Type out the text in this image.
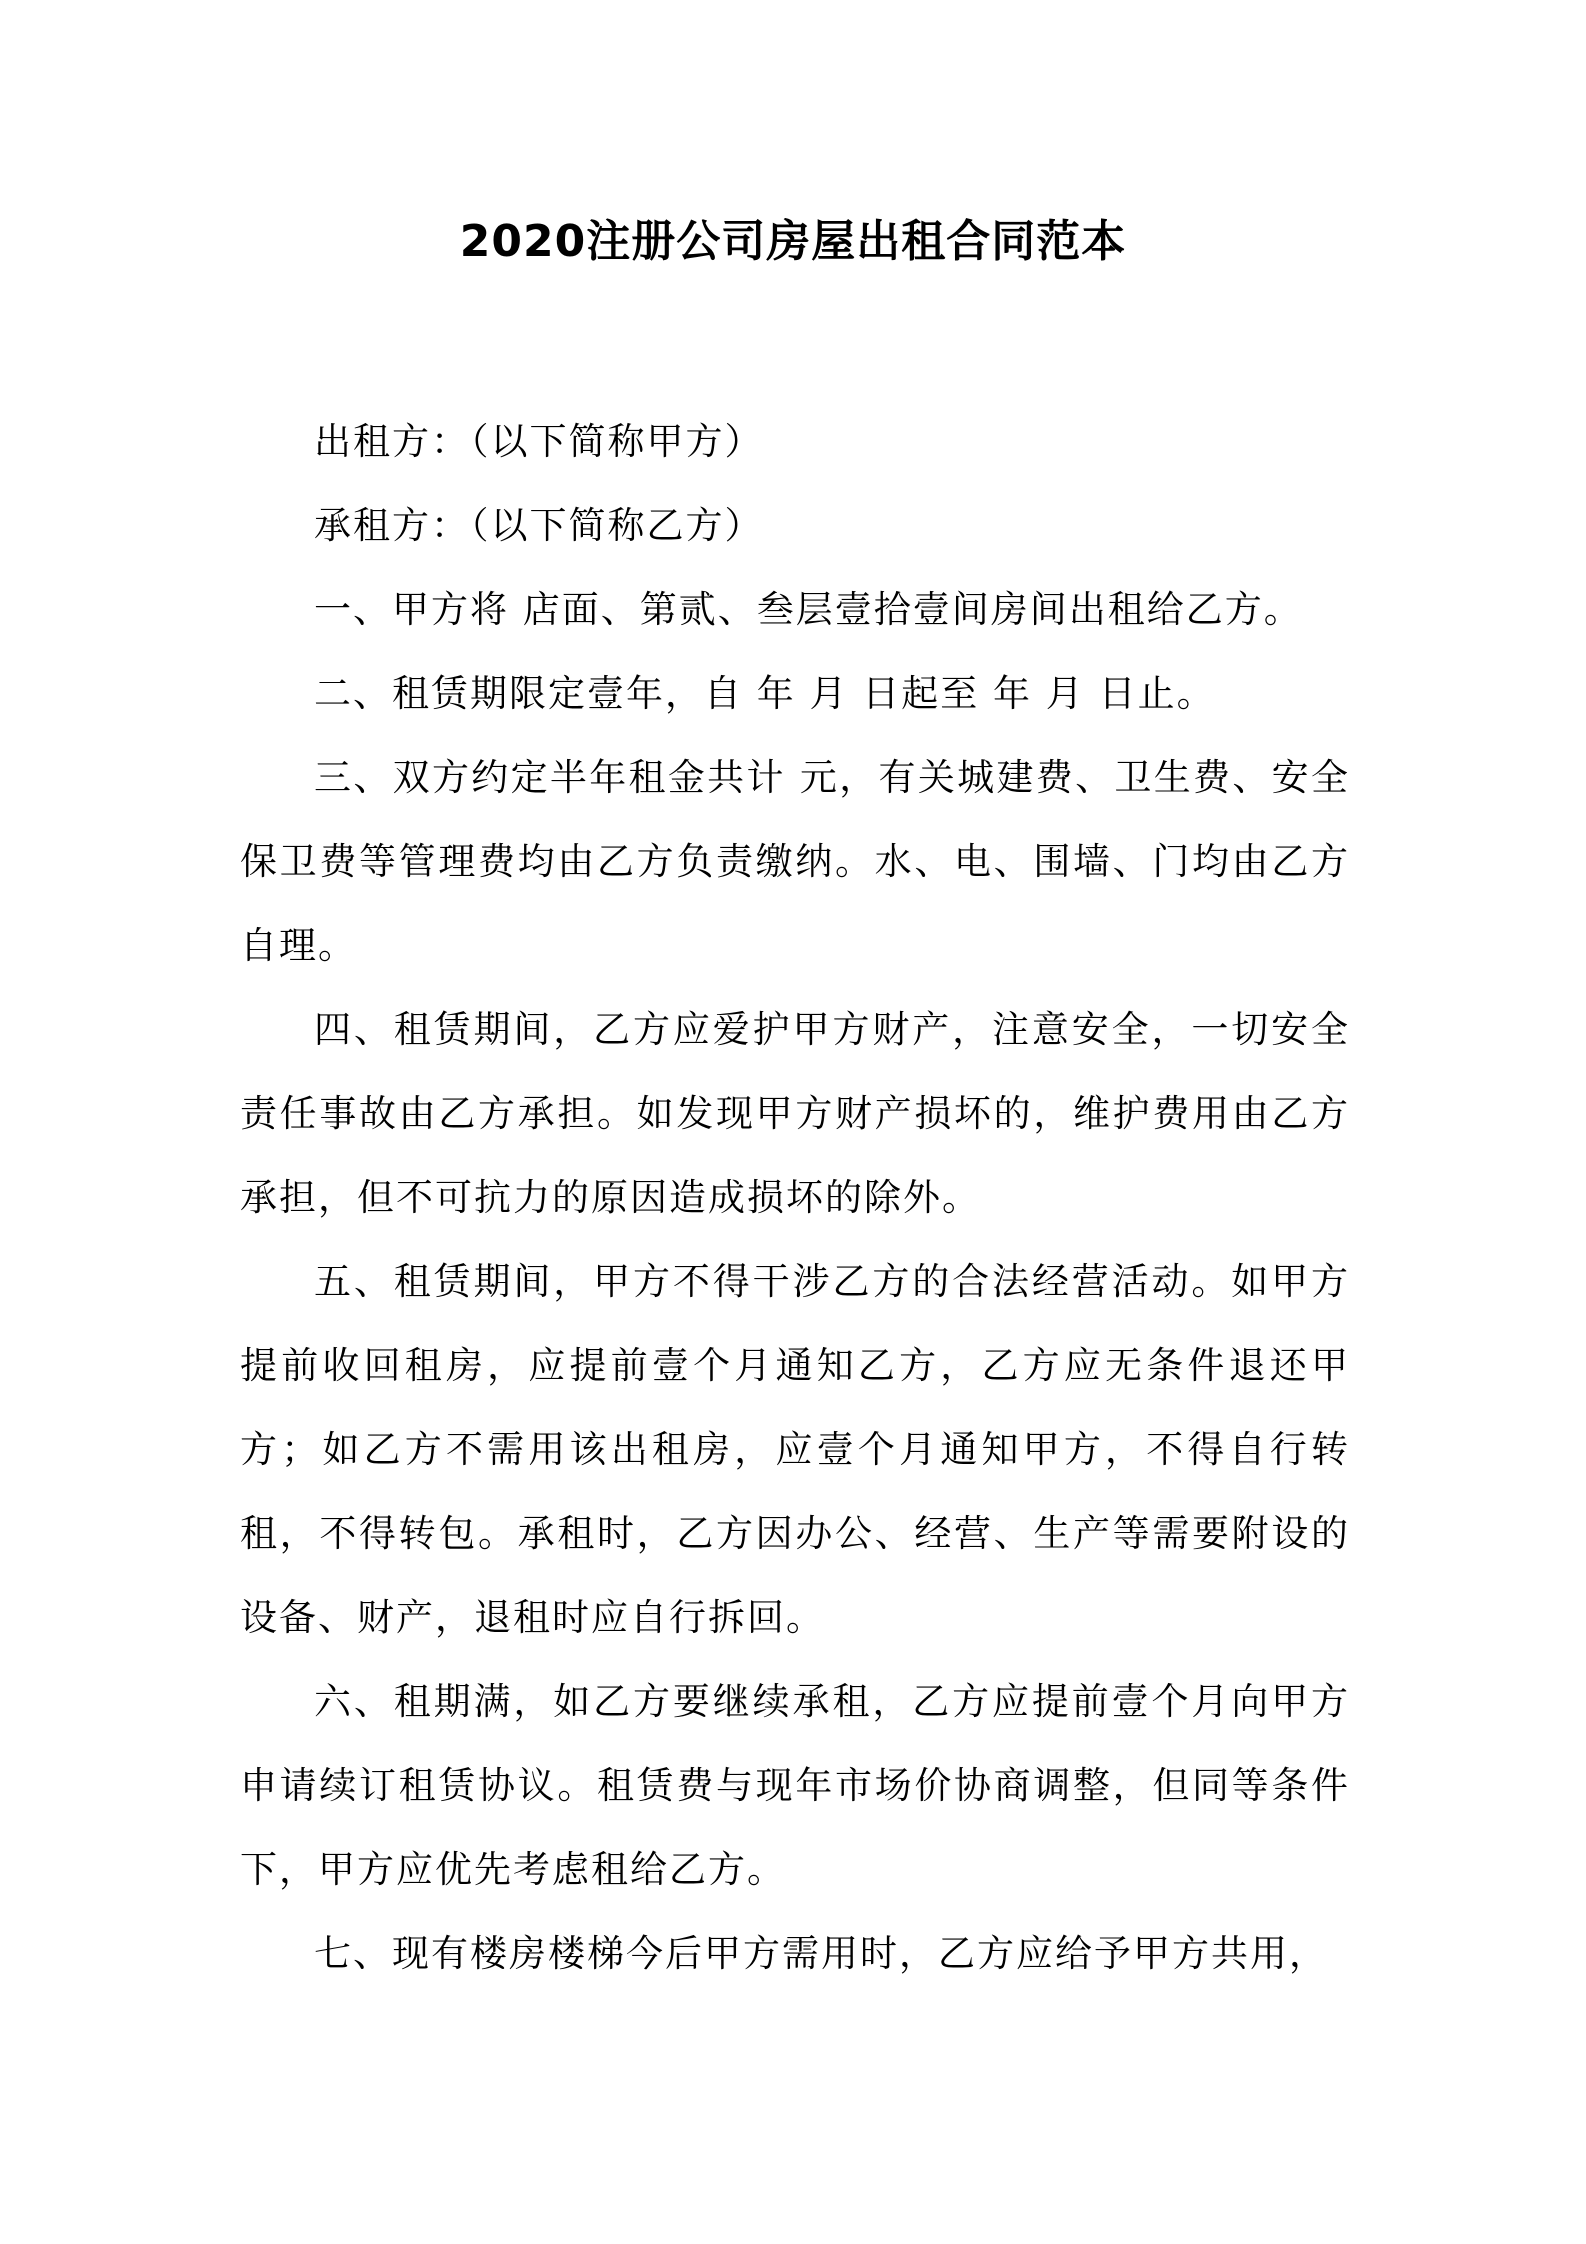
2020注册公司房屋出租合同范本

出租方：（以下简称甲方）

承租方：（以下简称乙方）

一、甲方将 店面、第贰、叁层壹拾壹间房间出租给乙方。

二、租赁期限定壹年，自 年 月 日起至 年 月 日止。

三、双方约定半年租金共计 元，有关城建费、卫生费、安全保卫费等管理费均由乙方负责缴纳。水、电、围墙、门均由乙方自理。

四、租赁期间，乙方应爱护甲方财产，注意安全，一切安全责任事故由乙方承担。如发现甲方财产损坏的，维护费用由乙方承担，但不可抗力的原因造成损坏的除外。

五、租赁期间，甲方不得干涉乙方的合法经营活动。如甲方提前收回租房，应提前壹个月通知乙方，乙方应无条件退还甲方；如乙方不需用该出租房，应壹个月通知甲方，不得自行转租，不得转包。承租时，乙方因办公、经营、生产等需要附设的设备、财产，退租时应自行拆回。

六、租期满，如乙方要继续承租，乙方应提前壹个月向甲方申请续订租赁协议。租赁费与现年市场价协商调整，但同等条件下，甲方应优先考虑租给乙方。

七、现有楼房楼梯今后甲方需用时，乙方应给予甲方共用，
